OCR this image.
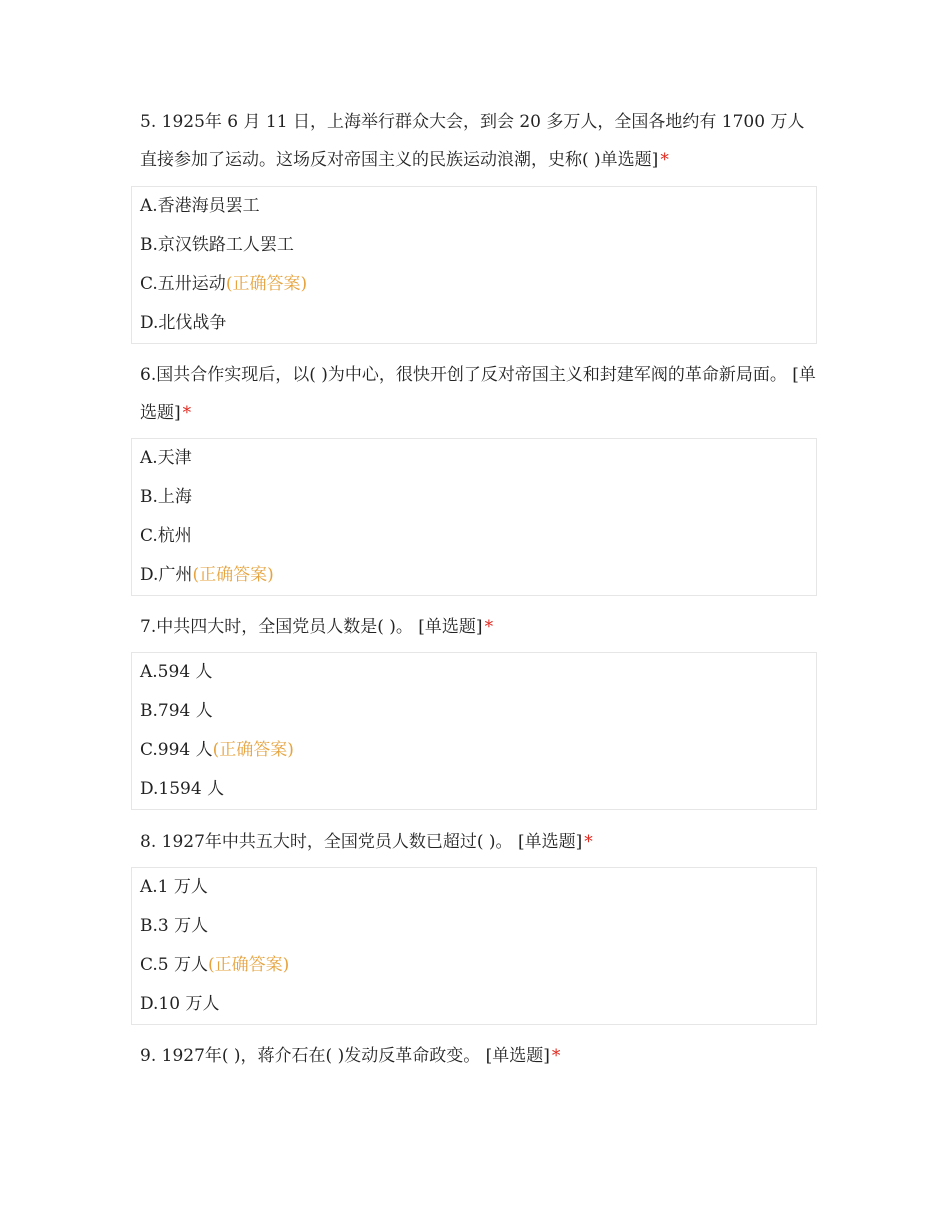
5. 1925年 6 月 11 日，上海举行群众大会，到会 20 多万人，全国各地约有 1700 万人直接参加了运动。这场反对帝国主义的民族运动浪潮，史称( )单选题] *

A.香港海员罢工
B.京汉铁路工人罢工
C.五卅运动(正确答案)
D.北伐战争

6.国共合作实现后，以( )为中心，很快开创了反对帝国主义和封建军阀的革命新局面。 [单选题] *

A.天津
B.上海
C.杭州
D.广州(正确答案)

7.中共四大时，全国党员人数是( )。 [单选题] *

A.594 人
B.794 人
C.994 人(正确答案)
D.1594 人

8. 1927年中共五大时，全国党员人数已超过( )。 [单选题] *

A.1 万人
B.3 万人
C.5 万人(正确答案)
D.10 万人

9. 1927年( )，蒋介石在( )发动反革命政变。 [单选题] *
